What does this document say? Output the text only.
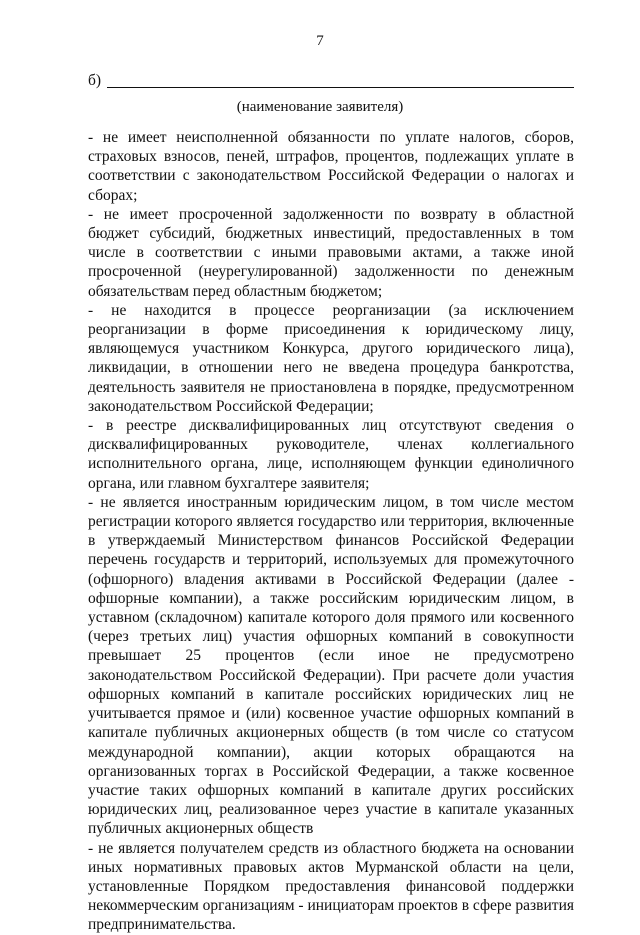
7
б)
(наименование заявителя)

- не имеет неисполненной обязанности по уплате налогов, сборов, страховых взносов, пеней, штрафов, процентов, подлежащих уплате в соответствии с законодательством Российской Федерации о налогах и сборах;

- не имеет просроченной задолженности по возврату в областной бюджет субсидий, бюджетных инвестиций, предоставленных в том числе в соответствии с иными правовыми актами, а также иной просроченной (неурегулированной) задолженности по денежным обязательствам перед областным бюджетом;

- не находится в процессе реорганизации (за исключением реорганизации в форме присоединения к юридическому лицу, являющемуся участником Конкурса, другого юридического лица), ликвидации, в отношении него не введена процедура банкротства, деятельность заявителя не приостановлена в порядке, предусмотренном законодательством Российской Федерации;

- в реестре дисквалифицированных лиц отсутствуют сведения о дисквалифицированных руководителе, членах коллегиального исполнительного органа, лице, исполняющем функции единоличного органа, или главном бухгалтере заявителя;

- не является иностранным юридическим лицом, в том числе местом регистрации которого является государство или территория, включенные в утверждаемый Министерством финансов Российской Федерации перечень государств и территорий, используемых для промежуточного (офшорного) владения активами в Российской Федерации (далее - офшорные компании), а также российским юридическим лицом, в уставном (складочном) капитале которого доля прямого или косвенного (через третьих лиц) участия офшорных компаний в совокупности превышает 25 процентов (если иное не предусмотрено законодательством Российской Федерации). При расчете доли участия офшорных компаний в капитале российских юридических лиц не учитывается прямое и (или) косвенное участие офшорных компаний в капитале публичных акционерных обществ (в том числе со статусом международной компании), акции которых обращаются на организованных торгах в Российской Федерации, а также косвенное участие таких офшорных компаний в капитале других российских юридических лиц, реализованное через участие в капитале указанных публичных акционерных обществ

- не является получателем средств из областного бюджета на основании иных нормативных правовых актов Мурманской области на цели, установленные Порядком предоставления финансовой поддержки некоммерческим организациям - инициаторам проектов в сфере развития предпринимательства.
